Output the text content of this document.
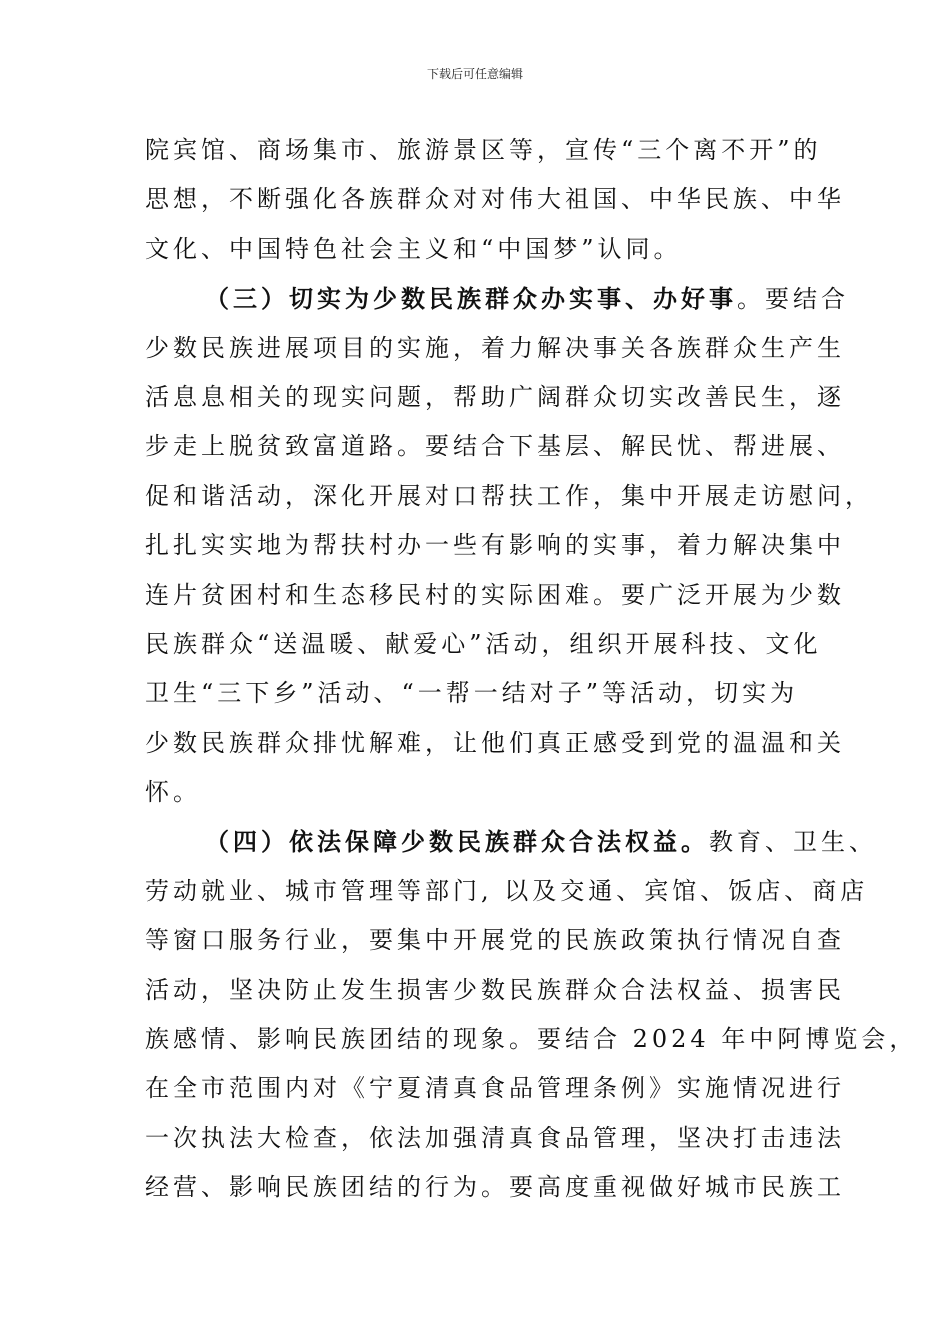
下载后可任意编辑
院宾馆、商场集市、旅游景区等，宣传“三个离不开”的
思想，不断强化各族群众对对伟大祖国、中华民族、中华
文化、中国特色社会主义和“中国梦”认同。
（三）切实为少数民族群众办实事、办好事。要结合
少数民族进展项目的实施，着力解决事关各族群众生产生
活息息相关的现实问题，帮助广阔群众切实改善民生，逐
步走上脱贫致富道路。要结合下基层、解民忧、帮进展、
促和谐活动，深化开展对口帮扶工作，集中开展走访慰问，
扎扎实实地为帮扶村办一些有影响的实事，着力解决集中
连片贫困村和生态移民村的实际困难。要广泛开展为少数
民族群众“送温暖、献爱心”活动，组织开展科技、文化
卫生“三下乡”活动、“一帮一结对子”等活动，切实为
少数民族群众排忧解难，让他们真正感受到党的温温和关
怀。
（四）依法保障少数民族群众合法权益。教育、卫生、
劳动就业、城市管理等部门, 以及交通、宾馆、饭店、商店
等窗口服务行业，要集中开展党的民族政策执行情况自查
活动，坚决防止发生损害少数民族群众合法权益、损害民
族感情、影响民族团结的现象。要结合 2024 年中阿博览会，
在全市范围内对《宁夏清真食品管理条例》实施情况进行
一次执法大检查，依法加强清真食品管理，坚决打击违法
经营、影响民族团结的行为。要高度重视做好城市民族工
